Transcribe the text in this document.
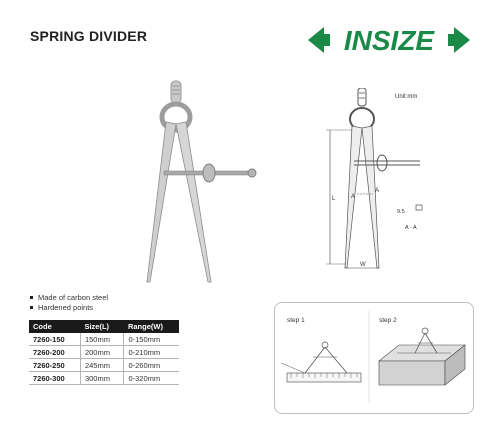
SPRING DIVIDER	INSIZE
L
W
A
A
9.5
A - A
Unit:mm
Made of carbon steel
Hardened points
Code	Size(L)	Range(W)
7260-150	150mm	0-150mm
7260-200	200mm	0-210mm
7260-250	245mm	0-260mm
7260-300	300mm	0-320mm
step 1	step 2
